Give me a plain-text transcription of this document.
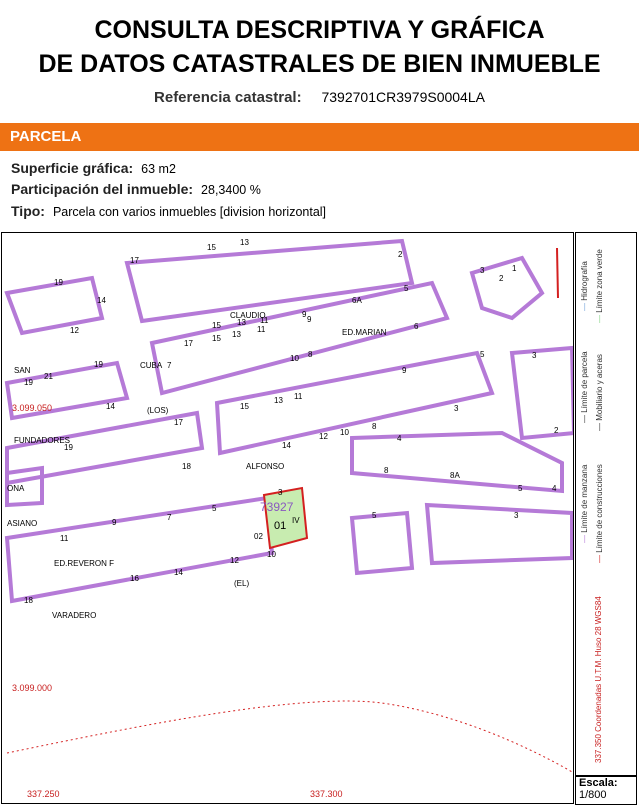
CONSULTA DESCRIPTIVA Y GRÁFICA
DE DATOS CATASTRALES DE BIEN INMUEBLE
Referencia catastral: 7392701CR3979S0004LA
PARCELA
Superficie gráfica: 63 m2
Participación del inmueble: 28,3400 %
Tipo: Parcela con varios inmuebles [division horizontal]
CLAUDIO
ED.MARIAN
SAN
CUBA
(LOS)
FUNDADORES
ALFONSO
ONA
ASIANO
ED.REVERON F
(EL)
VARADERO
3.099.050
3.099.000
337.250	337.300
73927
01 IV
15
13
17
2
19
12
14
15 13 11
9
6A
5
17
15 13
11
9
6
10 8	5
7
19
21
19
14
17
15
13 11
14
12 10
8
9
4
2
3
3
19
18	8
8A
5	4
11
9
7
5
3
02
12
10
16
14
18
5	3
3
2
1
— Hidrografía
— Límite zona verde
— Límite de parcela
— Mobiliario y aceras
— Límite de manzana
— Límite de construcciones
337.350 Coordenadas U.T.M. Huso 28 WGS84
Escala:
1/800
